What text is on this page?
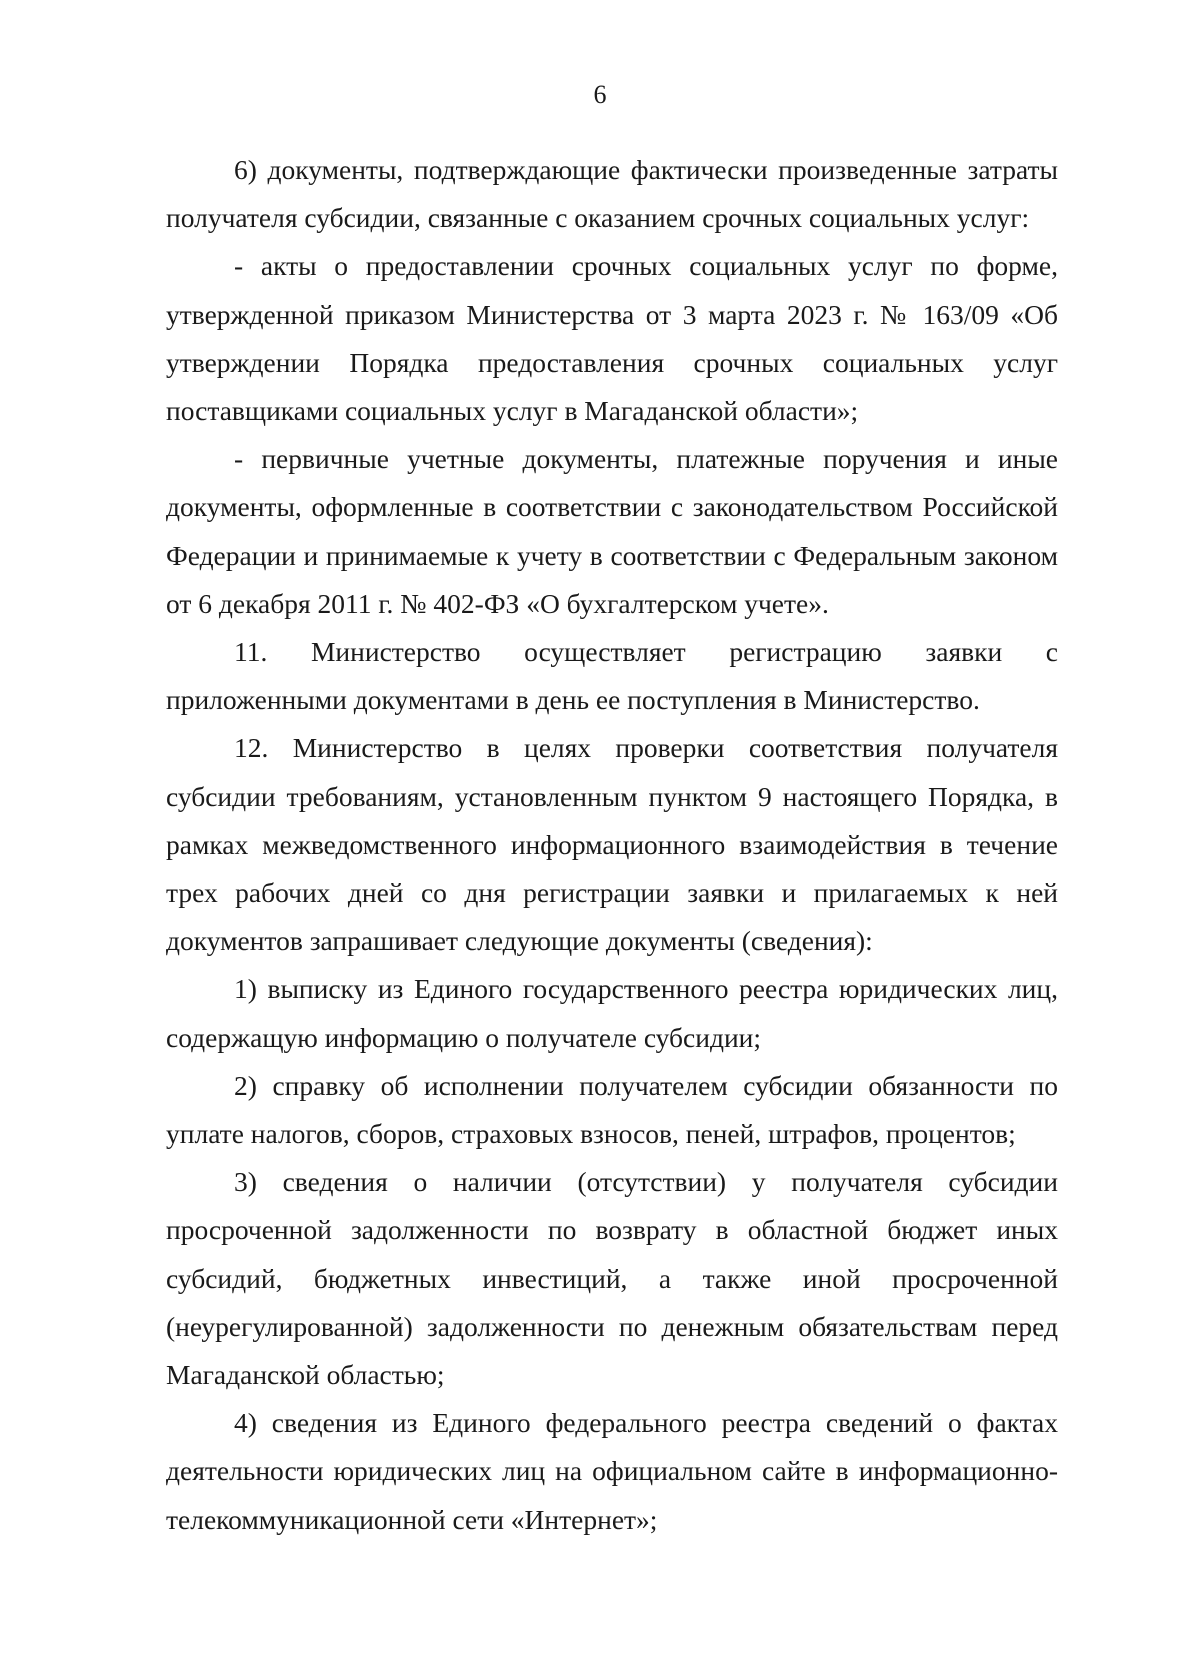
6

6) документы, подтверждающие фактически произведенные затраты получателя субсидии, связанные с оказанием срочных социальных услуг:

- акты о предоставлении срочных социальных услуг по форме, утвержденной приказом Министерства от 3 марта 2023 г. № 163/09 «Об утверждении Порядка предоставления срочных социальных услуг поставщиками социальных услуг в Магаданской области»;

- первичные учетные документы, платежные поручения и иные документы, оформленные в соответствии с законодательством Российской Федерации и принимаемые к учету в соответствии с Федеральным законом от 6 декабря 2011 г. № 402-ФЗ «О бухгалтерском учете».

11. Министерство осуществляет регистрацию заявки с приложенными документами в день ее поступления в Министерство.

12. Министерство в целях проверки соответствия получателя субсидии требованиям, установленным пунктом 9 настоящего Порядка, в рамках межведомственного информационного взаимодействия в течение трех рабочих дней со дня регистрации заявки и прилагаемых к ней документов запрашивает следующие документы (сведения):

1) выписку из Единого государственного реестра юридических лиц, содержащую информацию о получателе субсидии;

2) справку об исполнении получателем субсидии обязанности по уплате налогов, сборов, страховых взносов, пеней, штрафов, процентов;

3) сведения о наличии (отсутствии) у получателя субсидии просроченной задолженности по возврату в областной бюджет иных субсидий, бюджетных инвестиций, а также иной просроченной (неурегулированной) задолженности по денежным обязательствам перед Магаданской областью;

4) сведения из Единого федерального реестра сведений о фактах деятельности юридических лиц на официальном сайте в информационно-телекоммуникационной сети «Интернет»;
